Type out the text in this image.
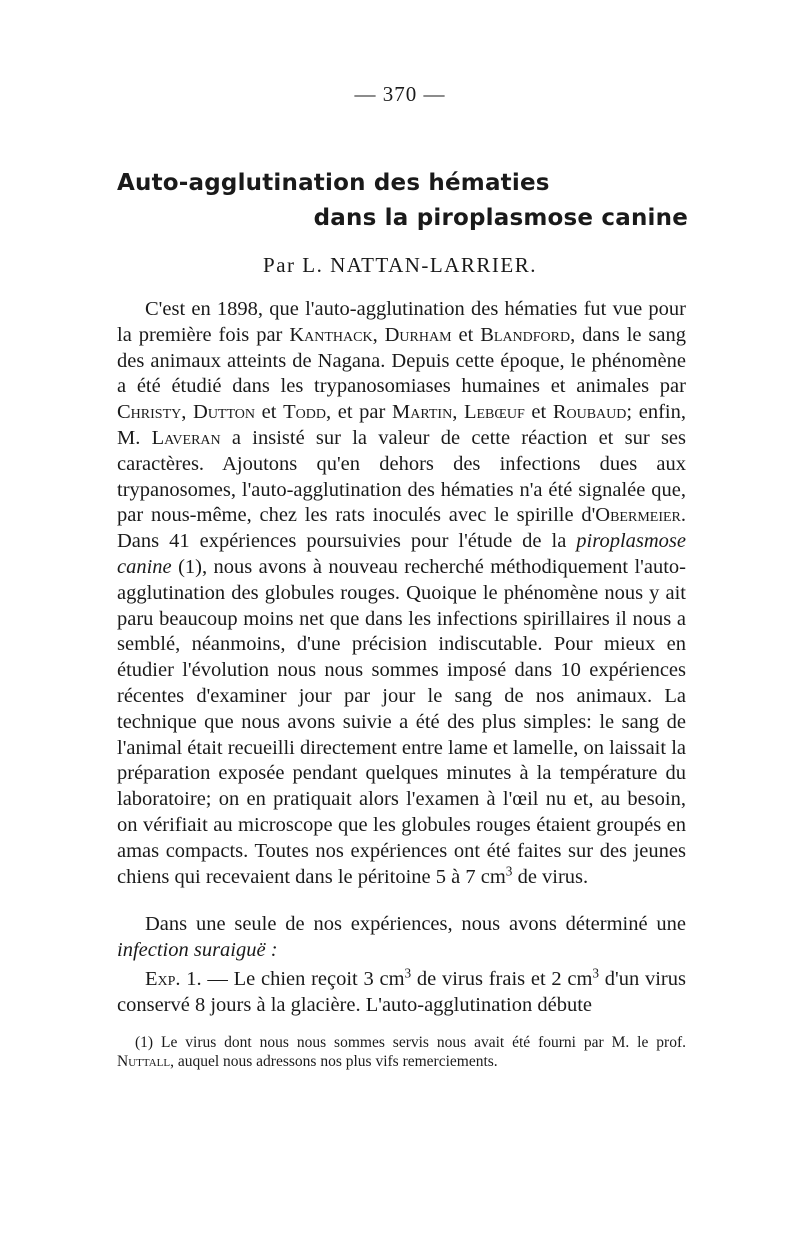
— 370 —
Auto-agglutination des hématies
dans la piroplasmose canine
Par L. NATTAN-LARRIER.
C'est en 1898, que l'auto-agglutination des hématies fut vue pour la première fois par Kanthack, Durham et Blandford, dans le sang des animaux atteints de Nagana. Depuis cette époque, le phénomène a été étudié dans les trypanosomiases humaines et animales par Christy, Dutton et Todd, et par Martin, Lebœuf et Roubaud; enfin, M. Laveran a insisté sur la valeur de cette réaction et sur ses caractères. Ajoutons qu'en dehors des infections dues aux trypanosomes, l'auto-agglutination des hématies n'a été signalée que, par nous-même, chez les rats inoculés avec le spirille d'Obermeier. Dans 41 expériences poursuivies pour l'étude de la piroplasmose canine (1), nous avons à nouveau recherché méthodiquement l'auto-agglutination des globules rouges. Quoique le phénomène nous y ait paru beaucoup moins net que dans les infections spirillaires il nous a semblé, néanmoins, d'une précision indiscutable. Pour mieux en étudier l'évolution nous nous sommes imposé dans 10 expériences récentes d'examiner jour par jour le sang de nos animaux. La technique que nous avons suivie a été des plus simples: le sang de l'animal était recueilli directement entre lame et lamelle, on laissait la préparation exposée pendant quelques minutes à la température du laboratoire; on en pratiquait alors l'examen à l'œil nu et, au besoin, on vérifiait au microscope que les globules rouges étaient groupés en amas compacts. Toutes nos expériences ont été faites sur des jeunes chiens qui recevaient dans le péritoine 5 à 7 $cm^3$ de virus.
Dans une seule de nos expériences, nous avons déterminé une infection suraiguë :
Exp. 1. — Le chien reçoit 3 $cm^3$ de virus frais et 2 $cm^3$ d'un virus conservé 8 jours à la glacière. L'auto-agglutination débute
(1) Le virus dont nous nous sommes servis nous avait été fourni par M. le prof. Nuttall, auquel nous adressons nos plus vifs remerciements.
